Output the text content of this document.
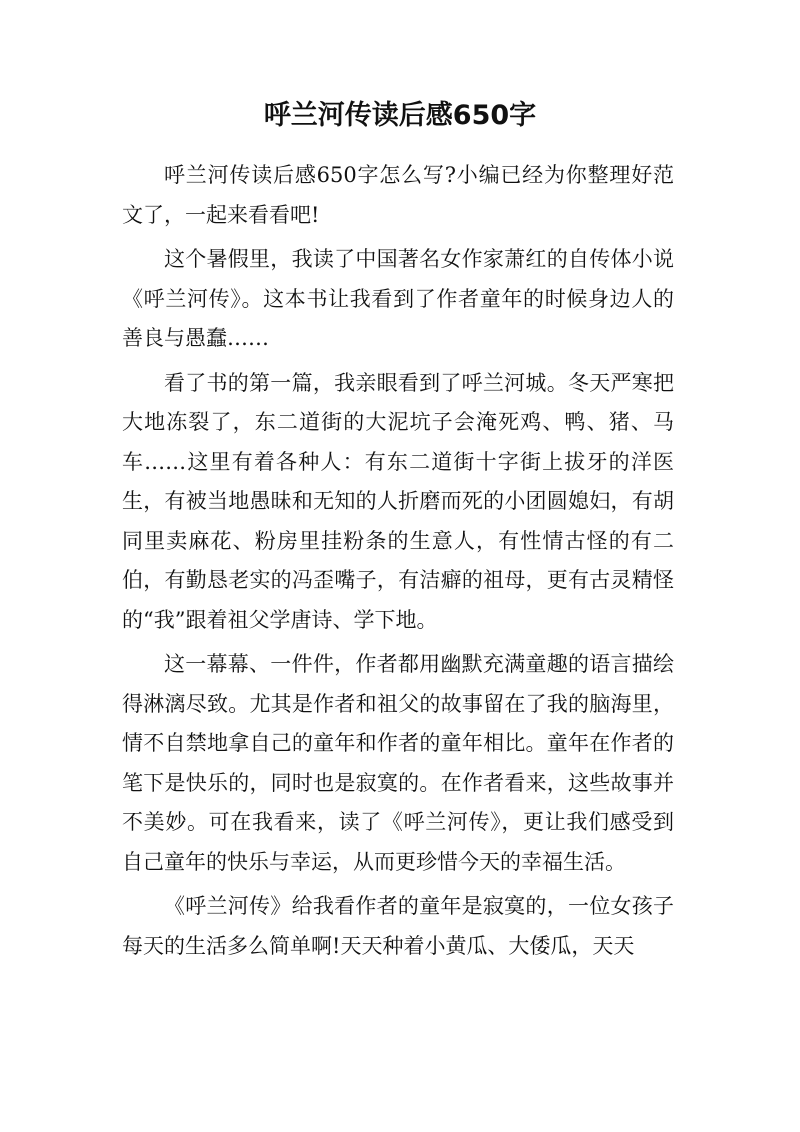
呼兰河传读后感650字

呼兰河传读后感650字怎么写?小编已经为你整理好范文了，一起来看看吧!

这个暑假里，我读了中国著名女作家萧红的自传体小说《呼兰河传》。这本书让我看到了作者童年的时候身边人的善良与愚蠢……

看了书的第一篇，我亲眼看到了呼兰河城。冬天严寒把大地冻裂了，东二道街的大泥坑子会淹死鸡、鸭、猪、马车……这里有着各种人：有东二道街十字街上拔牙的洋医生，有被当地愚昧和无知的人折磨而死的小团圆媳妇，有胡同里卖麻花、粉房里挂粉条的生意人，有性情古怪的有二伯，有勤恳老实的冯歪嘴子，有洁癖的祖母，更有古灵精怪的“我”跟着祖父学唐诗、学下地。

这一幕幕、一件件，作者都用幽默充满童趣的语言描绘得淋漓尽致。尤其是作者和祖父的故事留在了我的脑海里，情不自禁地拿自己的童年和作者的童年相比。童年在作者的笔下是快乐的，同时也是寂寞的。在作者看来，这些故事并不美妙。可在我看来，读了《呼兰河传》，更让我们感受到自己童年的快乐与幸运，从而更珍惜今天的幸福生活。

《呼兰河传》给我看作者的童年是寂寞的，一位女孩子每天的生活多么简单啊!天天种着小黄瓜、大倭瓜，天天
